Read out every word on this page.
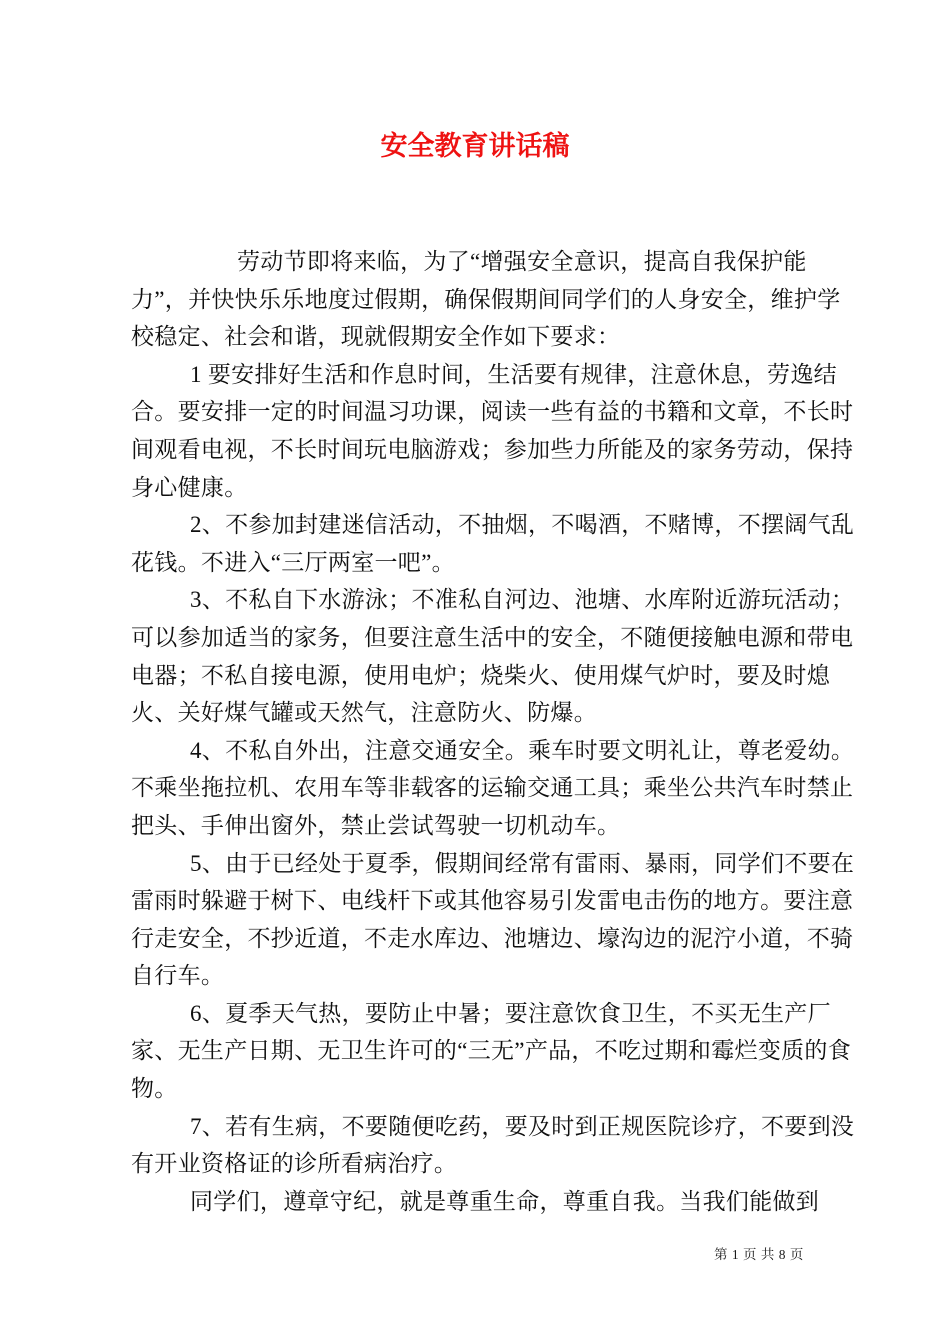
安全教育讲话稿

劳动节即将来临，为了“增强安全意识，提高自我保护能力”，并快快乐乐地度过假期，确保假期间同学们的人身安全，维护学校稳定、社会和谐，现就假期安全作如下要求：

1 要安排好生活和作息时间，生活要有规律，注意休息，劳逸结合。要安排一定的时间温习功课，阅读一些有益的书籍和文章，不长时间观看电视，不长时间玩电脑游戏；参加些力所能及的家务劳动，保持身心健康。

2、不参加封建迷信活动，不抽烟，不喝酒，不赌博，不摆阔气乱花钱。不进入“三厅两室一吧”。

3、不私自下水游泳；不准私自河边、池塘、水库附近游玩活动；可以参加适当的家务，但要注意生活中的安全，不随便接触电源和带电电器；不私自接电源，使用电炉；烧柴火、使用煤气炉时，要及时熄火、关好煤气罐或天然气，注意防火、防爆。

4、不私自外出，注意交通安全。乘车时要文明礼让，尊老爱幼。不乘坐拖拉机、农用车等非载客的运输交通工具；乘坐公共汽车时禁止把头、手伸出窗外，禁止尝试驾驶一切机动车。

5、由于已经处于夏季，假期间经常有雷雨、暴雨，同学们不要在雷雨时躲避于树下、电线杆下或其他容易引发雷电击伤的地方。要注意行走安全，不抄近道，不走水库边、池塘边、壕沟边的泥泞小道，不骑自行车。

6、夏季天气热，要防止中暑；要注意饮食卫生，不买无生产厂家、无生产日期、无卫生许可的“三无”产品，不吃过期和霉烂变质的食物。

7、若有生病，不要随便吃药，要及时到正规医院诊疗，不要到没有开业资格证的诊所看病治疗。

同学们，遵章守纪，就是尊重生命，尊重自我。当我们能做到

第 1 页 共 8 页
